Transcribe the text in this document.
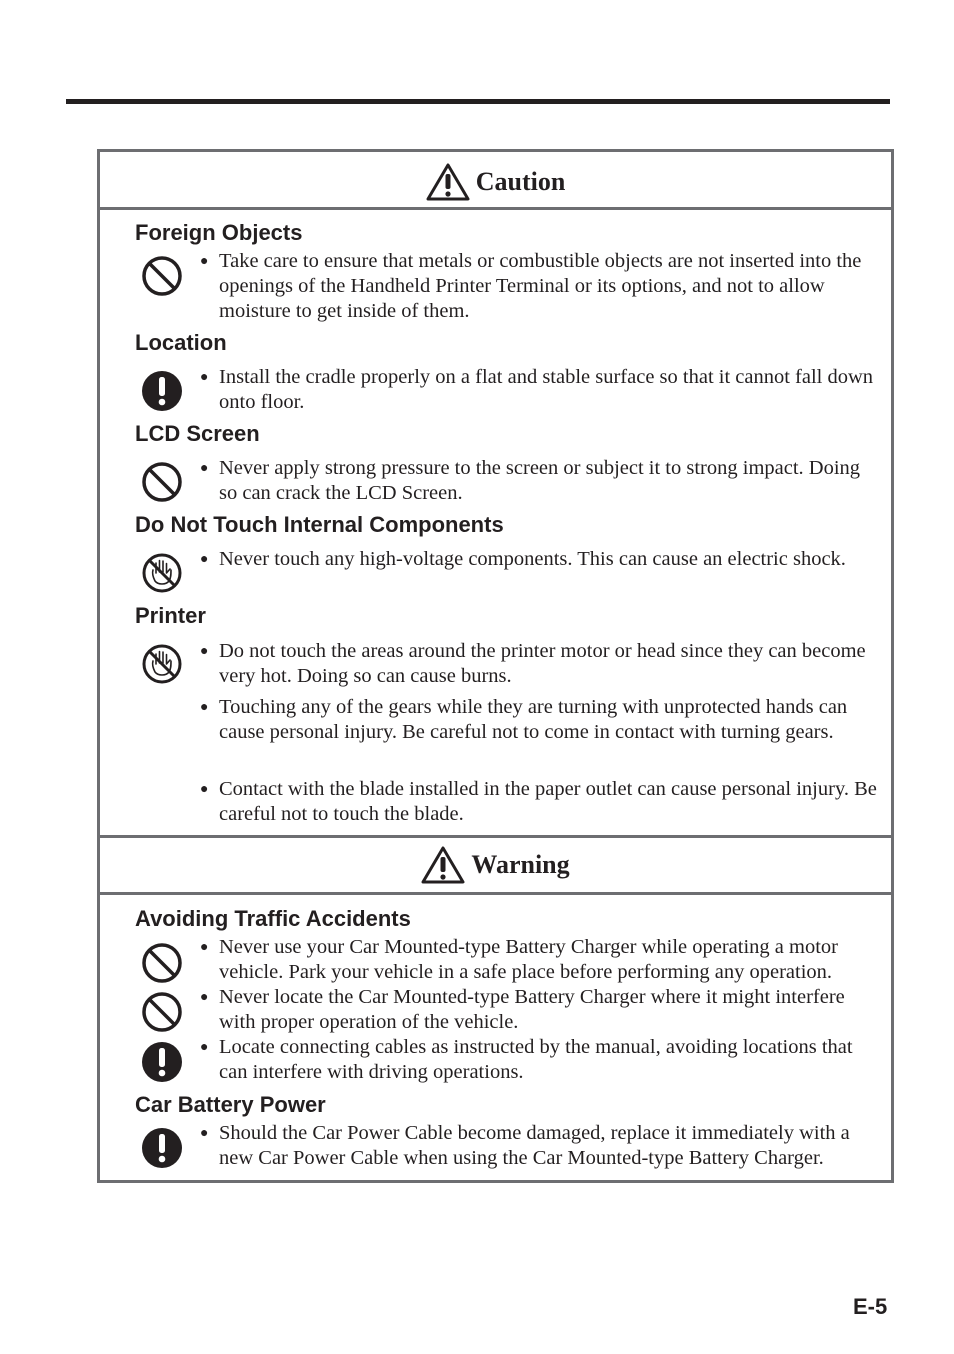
Caution
Foreign Objects
● Take care to ensure that metals or combustible objects are not inserted into the openings of the Handheld Printer Terminal or its options, and not to allow moisture to get inside of them.
Location
● Install the cradle properly on a flat and stable surface so that it cannot fall down onto floor.
LCD Screen
● Never apply strong pressure to the screen or subject it to strong impact. Doing so can crack the LCD Screen.
Do Not Touch Internal Components
● Never touch any high-voltage components. This can cause an electric shock.
Printer
● Do not touch the areas around the printer motor or head since they can become very hot. Doing so can cause burns.
● Touching any of the gears while they are turning with unprotected hands can cause personal injury. Be careful not to come in contact with turning gears.
● Contact with the blade installed in the paper outlet can cause personal injury. Be careful not to touch the blade.
Warning
Avoiding Traffic Accidents
● Never use your Car Mounted-type Battery Charger while operating a motor vehicle. Park your vehicle in a safe place before performing any operation.
● Never locate the Car Mounted-type Battery Charger where it might interfere with proper operation of the vehicle.
● Locate connecting cables as instructed by the manual, avoiding locations that can interfere with driving operations.
Car Battery Power
● Should the Car Power Cable become damaged, replace it immediately with a new Car Power Cable when using the Car Mounted-type Battery Charger.
E-5
